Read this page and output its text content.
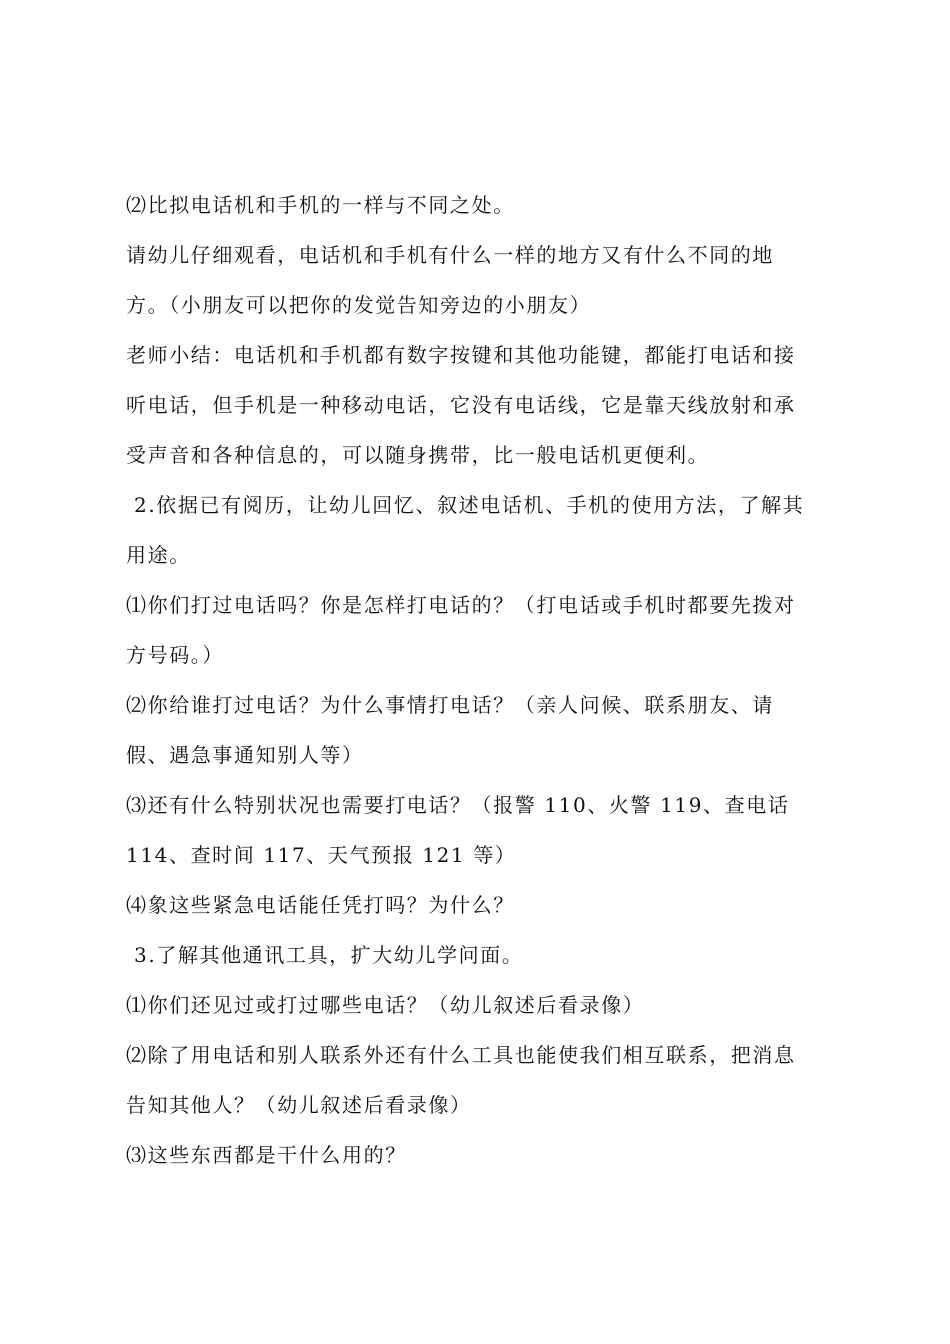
⑵比拟电话机和手机的一样与不同之处。
请幼儿仔细观看，电话机和手机有什么一样的地方又有什么不同的地
方。（小朋友可以把你的发觉告知旁边的小朋友）
老师小结：电话机和手机都有数字按键和其他功能键，都能打电话和接
听电话，但手机是一种移动电话，它没有电话线，它是靠天线放射和承
受声音和各种信息的，可以随身携带，比一般电话机更便利。
2.依据已有阅历，让幼儿回忆、叙述电话机、手机的使用方法，了解其
用途。
⑴你们打过电话吗？你是怎样打电话的？（打电话或手机时都要先拨对
方号码。）
⑵你给谁打过电话？为什么事情打电话？（亲人问候、联系朋友、请
假、遇急事通知别人等）
⑶还有什么特别状况也需要打电话？（报警 110、火警 119、查电话
114、查时间 117、天气预报 121 等）
⑷象这些紧急电话能任凭打吗？为什么？
3.了解其他通讯工具，扩大幼儿学问面。
⑴你们还见过或打过哪些电话？（幼儿叙述后看录像）
⑵除了用电话和别人联系外还有什么工具也能使我们相互联系，把消息
告知其他人？（幼儿叙述后看录像）
⑶这些东西都是干什么用的？
